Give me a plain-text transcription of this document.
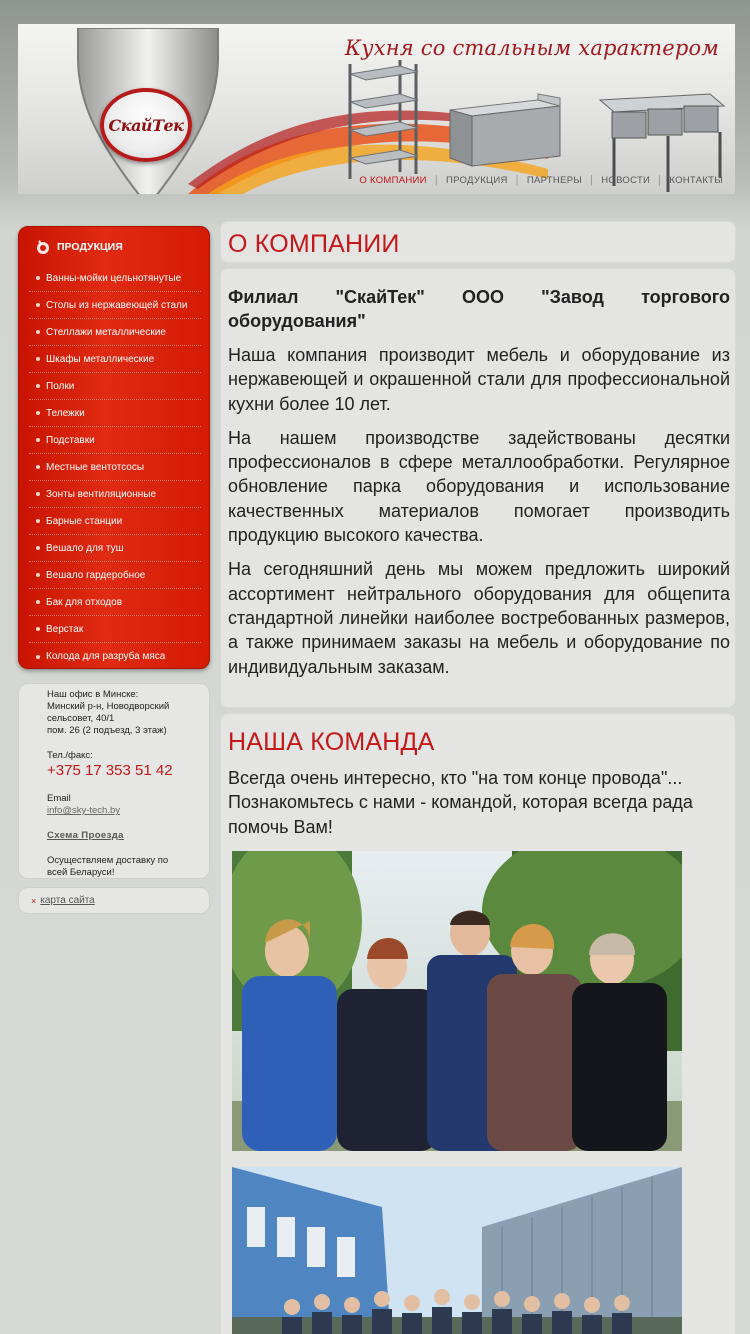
СкайТек
Кухня со стальным характером
О КОМПАНИИ | ПРОДУКЦИЯ | ПАРТНЕРЫ | НОВОСТИ | КОНТАКТЫ
ПРОДУКЦИЯ
Ванны-мойки цельнотянутые
Столы из нержавеющей стали
Стеллажи металлические
Шкафы металлические
Полки
Тележки
Подставки
Местные вентотсосы
Зонты вентиляционные
Барные станции
Вешало для туш
Вешало гардеробное
Бак для отходов
Верстак
Колода для разруба мяса
Наш офис в Минске:
Минский р-н, Новодворский
сельсовет, 40/1
пом. 26 (2 подъезд, 3 этаж)
Тел./факс:
+375 17 353 51 42
Email
info@sky-tech.by
Схема Проезда
Осуществляем доставку по
всей Беларуси!
× карта сайта
О КОМПАНИИ

Филиал "СкайТек" ООО "Завод торгового оборудования"

Наша компания производит мебель и оборудование из нержавеющей и окрашенной стали для профессиональной кухни более 10 лет.

На нашем производстве задействованы десятки профессионалов в сфере металлообработки. Регулярное обновление парка оборудования и использование качественных материалов помогает производить продукцию высокого качества.

На сегодняшний день мы можем предложить широкий ассортимент нейтрального оборудования для общепита стандартной линейки наиболее востребованных размеров, а также принимаем заказы на мебель и оборудование по индивидуальным заказам.

НАША КОМАНДА

Всегда очень интересно, кто "на том конце провода"... Познакомьтесь с нами - командой, которая всегда рада помочь Вам!
